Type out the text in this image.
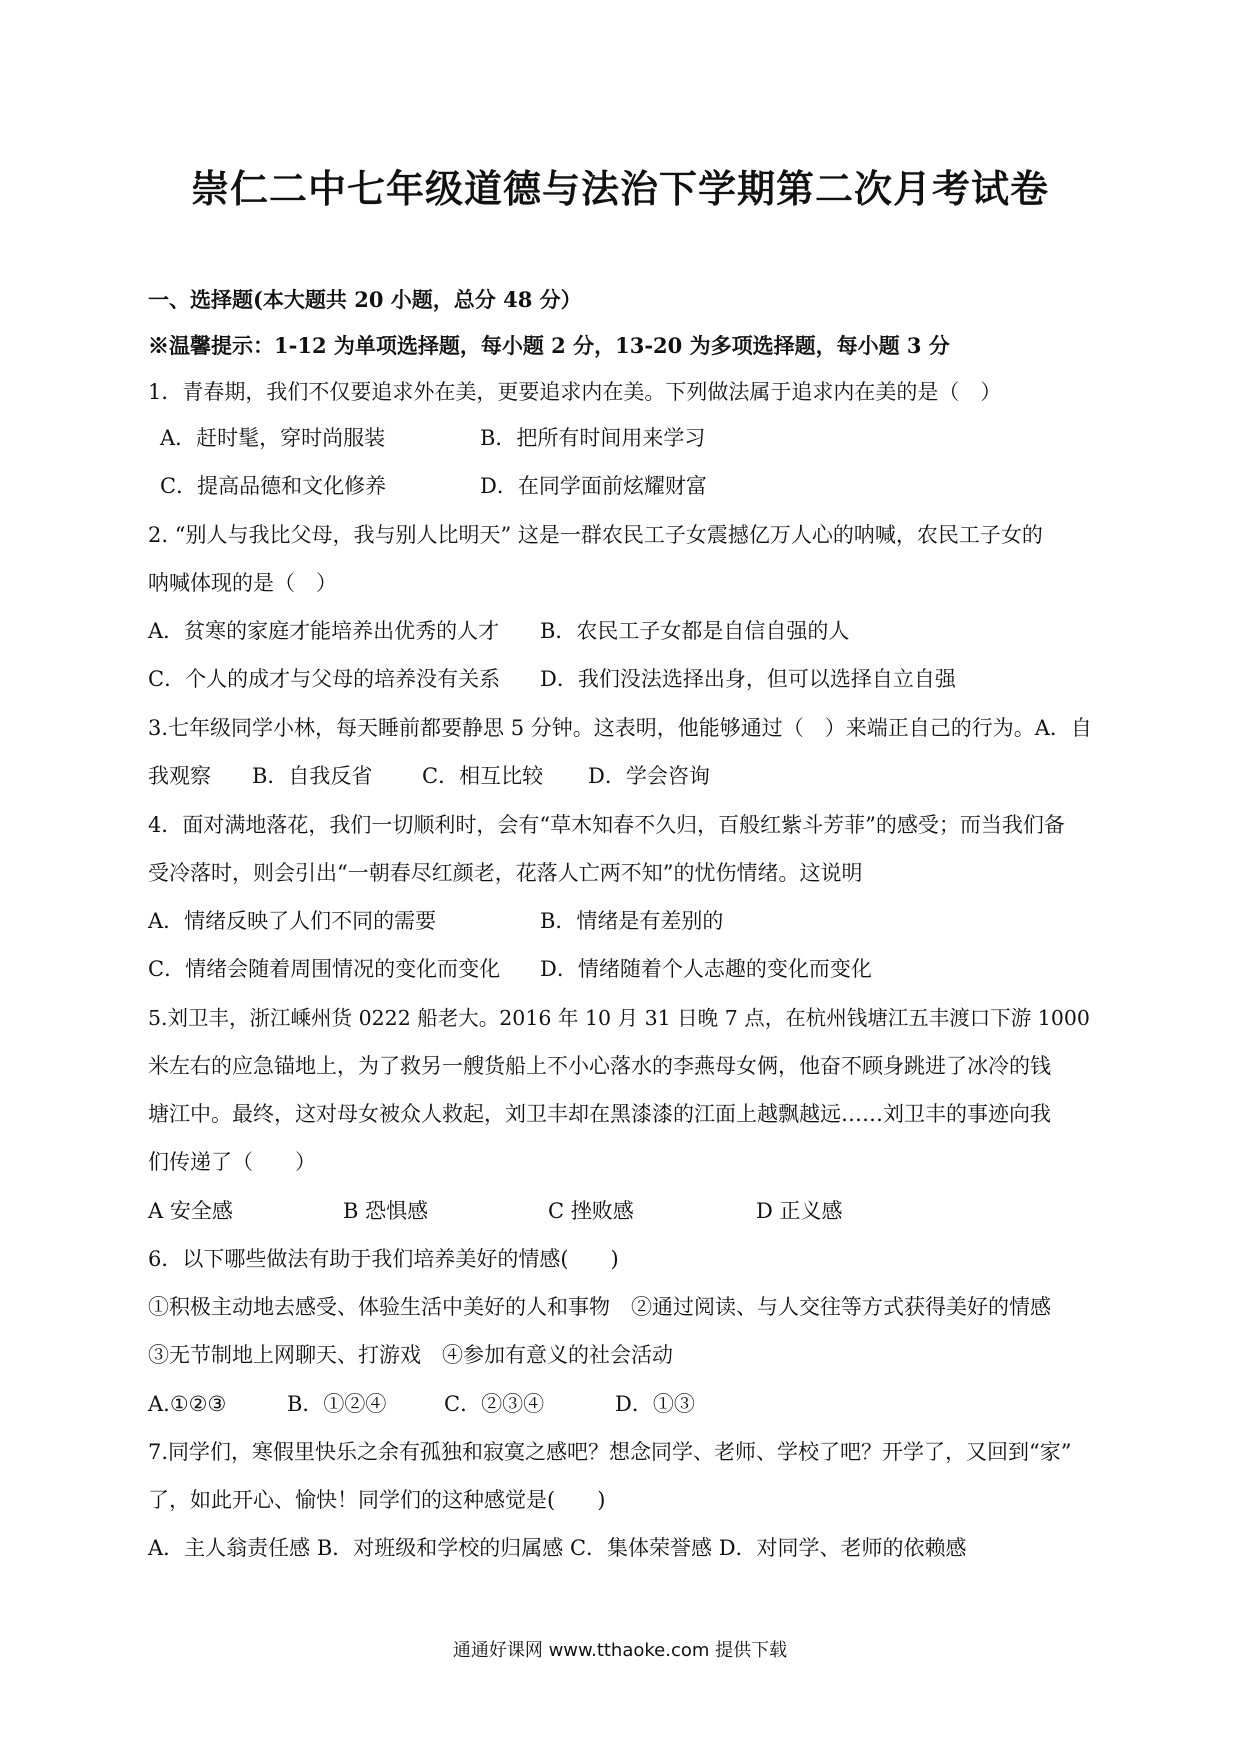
崇仁二中七年级道德与法治下学期第二次月考试卷
一、选择题(本大题共 20 小题，总分 48 分）
※温馨提示：1-12 为单项选择题，每小题 2 分，13-20 为多项选择题，每小题 3 分
1．青春期，我们不仅要追求外在美，更要追求内在美。下列做法属于追求内在美的是（　）
A．赶时髦，穿时尚服装	B．把所有时间用来学习
C．提高品德和文化修养	D．在同学面前炫耀财富
2. “别人与我比父母，我与别人比明天” 这是一群农民工子女震撼亿万人心的呐喊，农民工子女的
呐喊体现的是（　）
A．贫寒的家庭才能培养出优秀的人才 B．农民工子女都是自信自强的人
C．个人的成才与父母的培养没有关系 D．我们没法选择出身，但可以选择自立自强
3.七年级同学小林，每天睡前都要静思 5 分钟。这表明，他能够通过（　）来端正自己的行为。A．自
我观察 B．自我反省 C．相互比较 D．学会咨询
4．面对满地落花，我们一切顺利时，会有“草木知春不久归，百般红紫斗芳菲”的感受；而当我们备
受冷落时，则会引出“一朝春尽红颜老，花落人亡两不知”的忧伤情绪。这说明
A．情绪反映了人们不同的需要	B．情绪是有差别的
C．情绪会随着周围情况的变化而变化 D．情绪随着个人志趣的变化而变化
5.刘卫丰，浙江嵊州货 0222 船老大。2016 年 10 月 31 日晚 7 点，在杭州钱塘江五丰渡口下游 1000
米左右的应急锚地上，为了救另一艘货船上不小心落水的李燕母女俩，他奋不顾身跳进了冰冷的钱
塘江中。最终，这对母女被众人救起，刘卫丰却在黑漆漆的江面上越飘越远……刘卫丰的事迹向我
们传递了（　　）
A 安全感	B 恐惧感	C 挫败感	D 正义感
6．以下哪些做法有助于我们培养美好的情感(　　)
①积极主动地去感受、体验生活中美好的人和事物　②通过阅读、与人交往等方式获得美好的情感
③无节制地上网聊天、打游戏　④参加有意义的社会活动
A.①②③	B．①②④	C．②③④	D．①③
7.同学们，寒假里快乐之余有孤独和寂寞之感吧？想念同学、老师、学校了吧？开学了，又回到“家”
了，如此开心、愉快！同学们的这种感觉是(　　)
A．主人翁责任感 B．对班级和学校的归属感 C．集体荣誉感 D．对同学、老师的依赖感
通通好课网 www.tthaoke.com 提供下载
